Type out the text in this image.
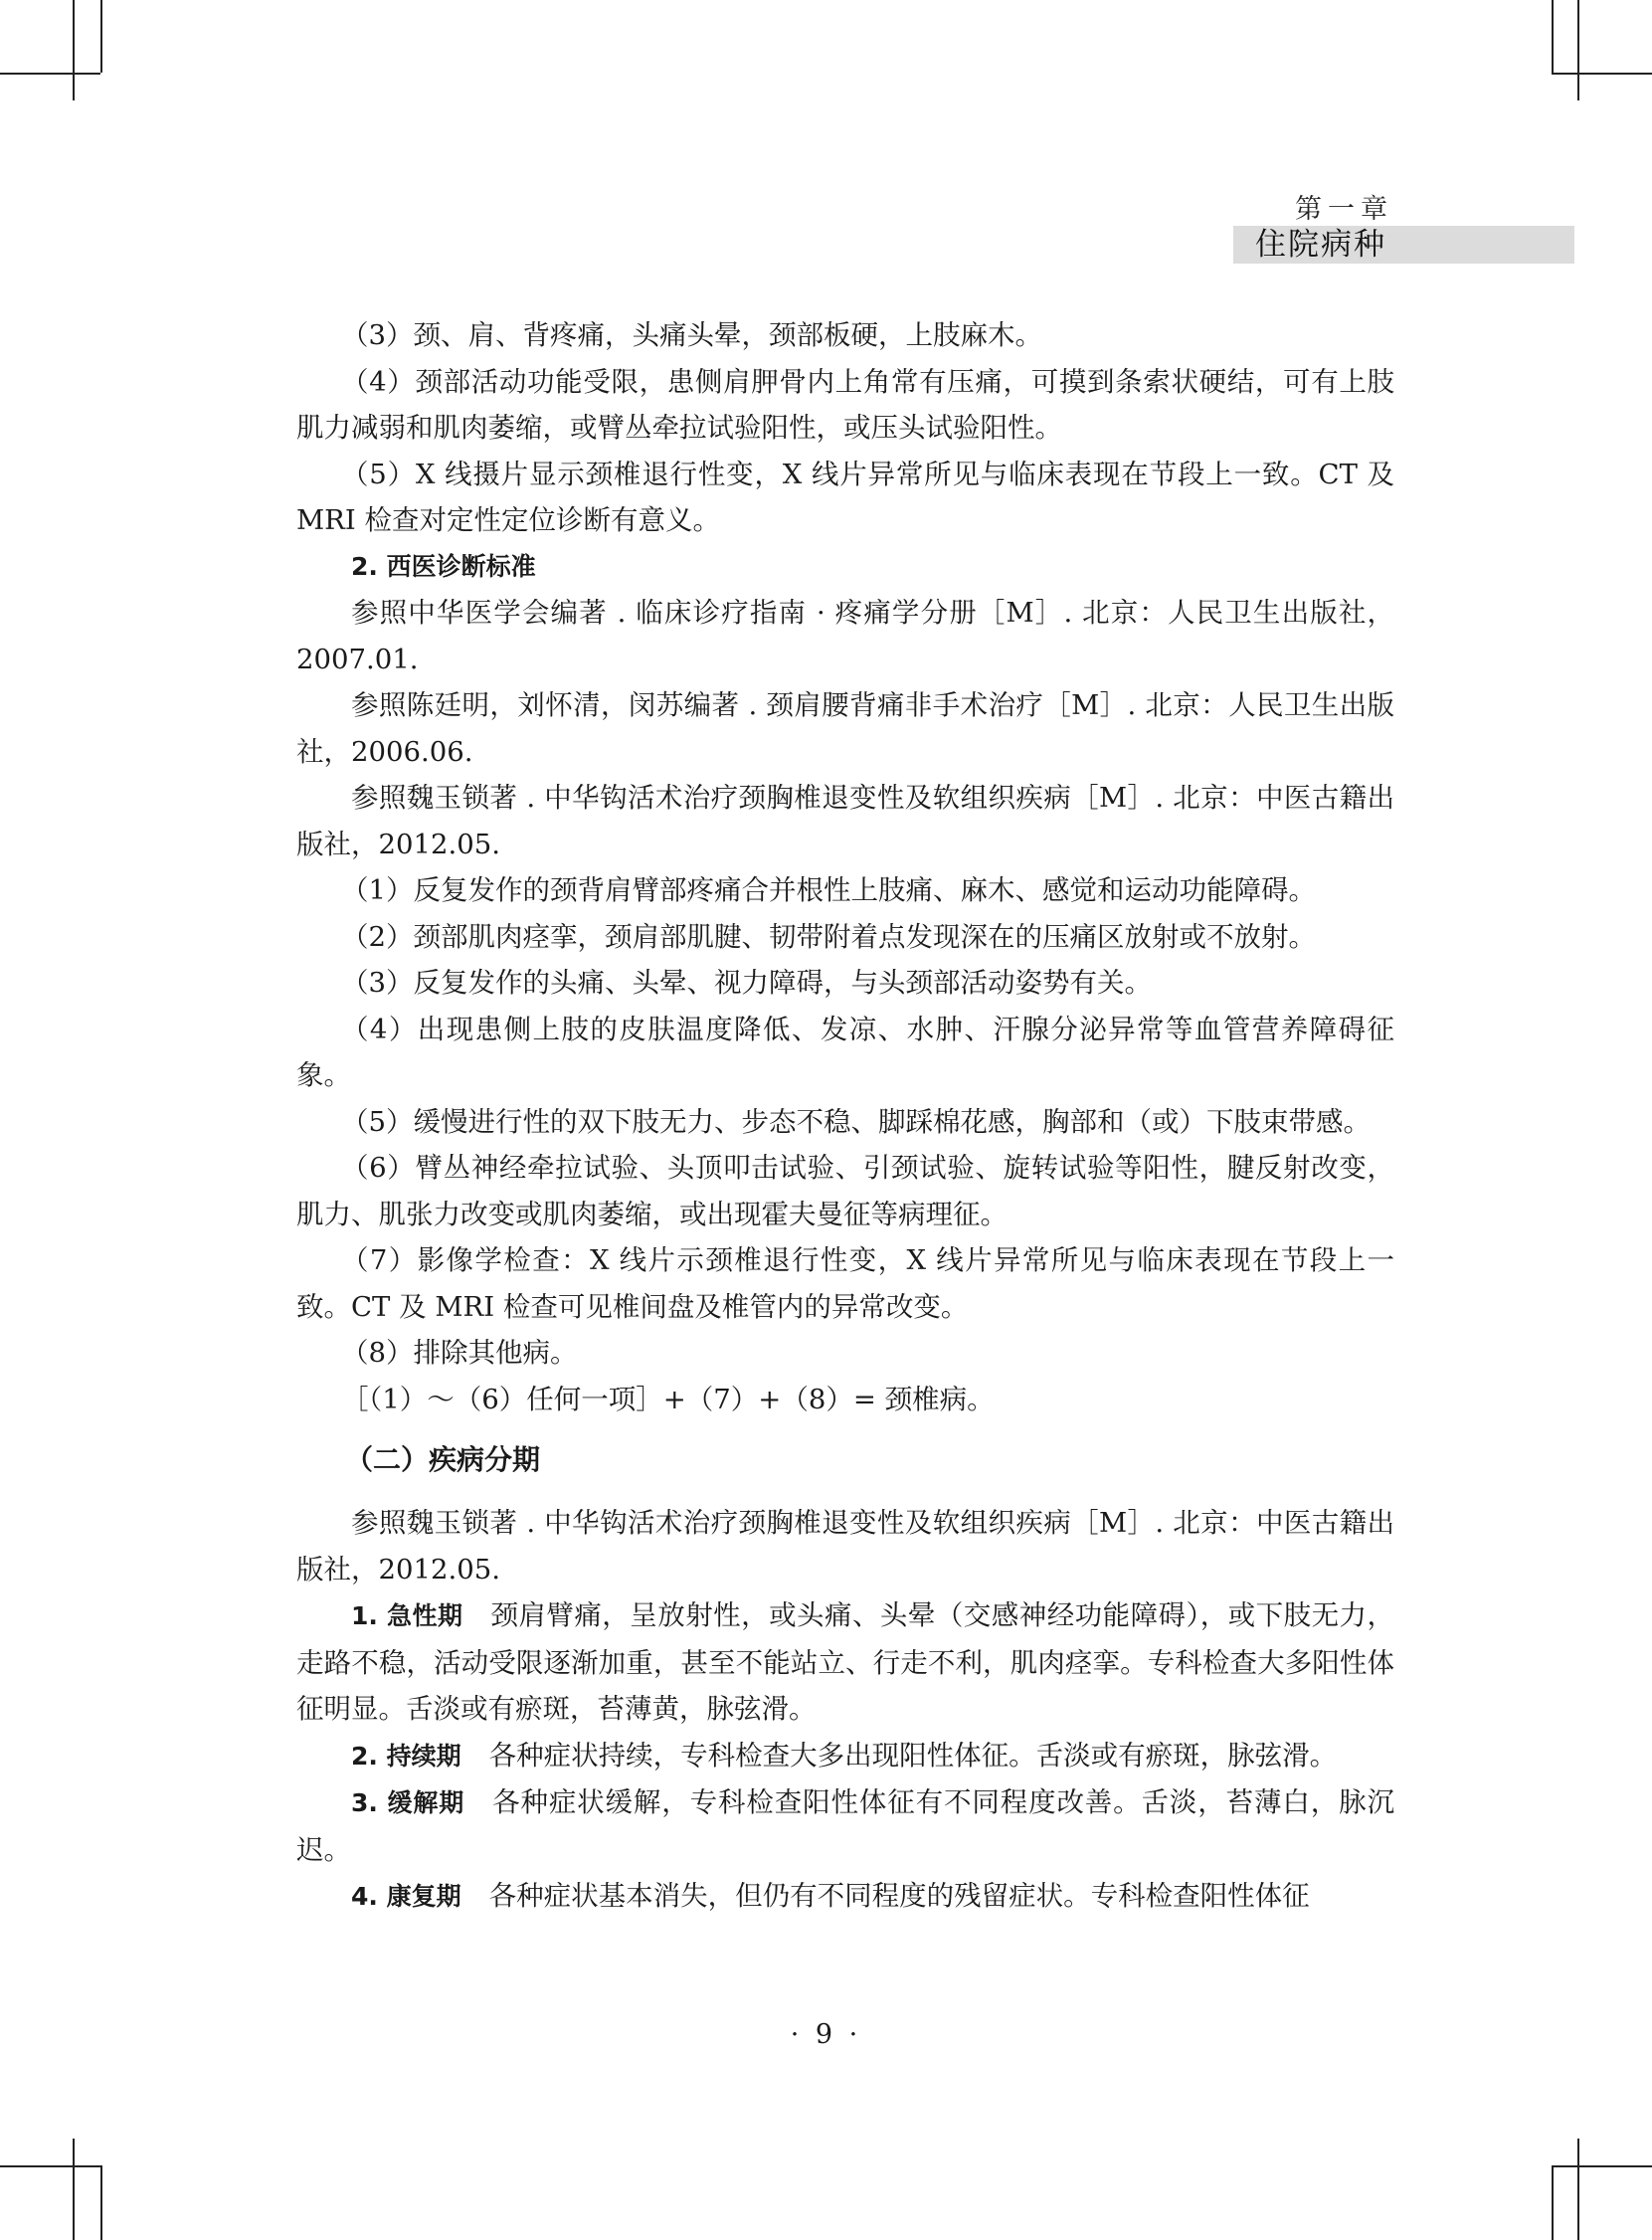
第一章
住院病种

（3）颈、肩、背疼痛，头痛头晕，颈部板硬，上肢麻木。

（4）颈部活动功能受限，患侧肩胛骨内上角常有压痛，可摸到条索状硬结，可有上肢肌力减弱和肌肉萎缩，或臂丛牵拉试验阳性，或压头试验阳性。

（5）X 线摄片显示颈椎退行性变，X 线片异常所见与临床表现在节段上一致。CT 及 MRI 检查对定性定位诊断有意义。

2. 西医诊断标准

参照中华医学会编著 . 临床诊疗指南 · 疼痛学分册［M］. 北京：人民卫生出版社，2007.01.

参照陈廷明，刘怀清，闵苏编著 . 颈肩腰背痛非手术治疗［M］. 北京：人民卫生出版社，2006.06.

参照魏玉锁著 . 中华钩活术治疗颈胸椎退变性及软组织疾病［M］. 北京：中医古籍出版社，2012.05.

（1）反复发作的颈背肩臂部疼痛合并根性上肢痛、麻木、感觉和运动功能障碍。

（2）颈部肌肉痉挛，颈肩部肌腱、韧带附着点发现深在的压痛区放射或不放射。

（3）反复发作的头痛、头晕、视力障碍，与头颈部活动姿势有关。

（4）出现患侧上肢的皮肤温度降低、发凉、水肿、汗腺分泌异常等血管营养障碍征象。

（5）缓慢进行性的双下肢无力、步态不稳、脚踩棉花感，胸部和（或）下肢束带感。

（6）臂丛神经牵拉试验、头顶叩击试验、引颈试验、旋转试验等阳性，腱反射改变，肌力、肌张力改变或肌肉萎缩，或出现霍夫曼征等病理征。

（7）影像学检查：X 线片示颈椎退行性变，X 线片异常所见与临床表现在节段上一致。CT 及 MRI 检查可见椎间盘及椎管内的异常改变。

（8）排除其他病。

［（1）～（6）任何一项］+（7）+（8）= 颈椎病。

（二）疾病分期

参照魏玉锁著 . 中华钩活术治疗颈胸椎退变性及软组织疾病［M］. 北京：中医古籍出版社，2012.05.

1. 急性期 颈肩臂痛，呈放射性，或头痛、头晕（交感神经功能障碍），或下肢无力，走路不稳，活动受限逐渐加重，甚至不能站立、行走不利，肌肉痉挛。专科检查大多阳性体征明显。舌淡或有瘀斑，苔薄黄，脉弦滑。

2. 持续期 各种症状持续，专科检查大多出现阳性体征。舌淡或有瘀斑，脉弦滑。

3. 缓解期 各种症状缓解，专科检查阳性体征有不同程度改善。舌淡，苔薄白，脉沉迟。

4. 康复期 各种症状基本消失，但仍有不同程度的残留症状。专科检查阳性体征

· 9 ·
